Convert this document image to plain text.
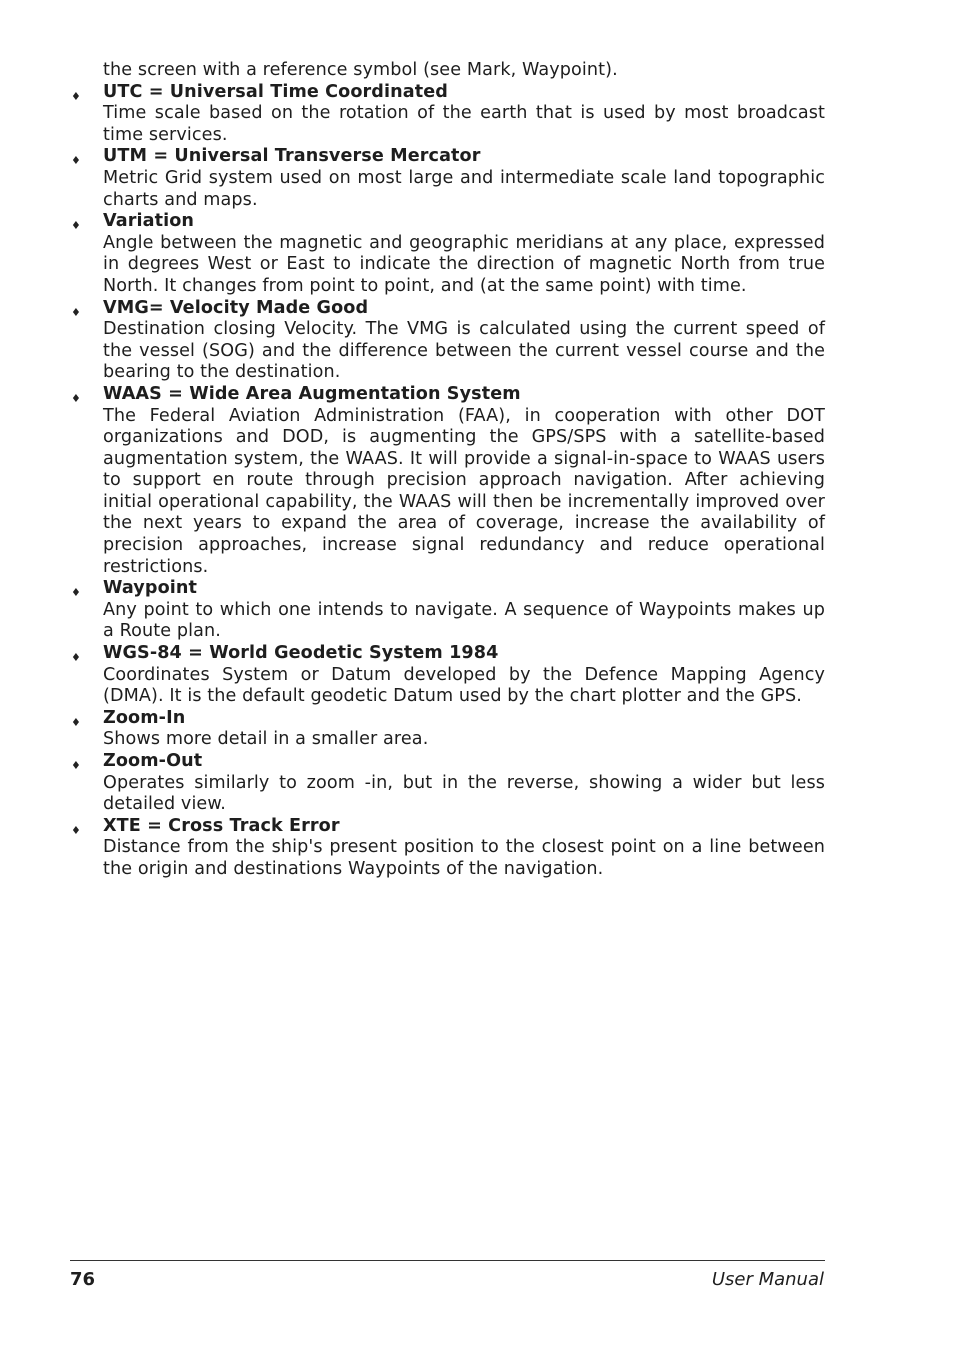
the screen with a reference symbol (see Mark, Waypoint).

♦ UTC = Universal Time Coordinated

Time scale based on the rotation of the earth that is used by most broadcast time services.

♦ UTM = Universal Transverse Mercator

Metric Grid system used on most large and intermediate scale land topographic charts and maps.

♦ Variation

Angle between the magnetic and geographic meridians at any place, expressed in degrees West or East to indicate the direction of magnetic North from true North. It changes from point to point, and (at the same point) with time.

♦ VMG= Velocity Made Good

Destination closing Velocity. The VMG is calculated using the current speed of the vessel (SOG) and the difference between the current vessel course and the bearing to the destination.

♦ WAAS = Wide Area Augmentation System

The Federal Aviation Administration (FAA), in cooperation with other DOT organizations and DOD, is augmenting the GPS/SPS with a satellite-based augmentation system, the WAAS. It will provide a signal-in-space to WAAS users to support en route through precision approach navigation. After achieving initial operational capability, the WAAS will then be incrementally improved over the next years to expand the area of coverage, increase the availability of precision approaches, increase signal redundancy and reduce operational restrictions.

♦ Waypoint

Any point to which one intends to navigate. A sequence of Waypoints makes up a Route plan.

♦ WGS-84 = World Geodetic System 1984

Coordinates System or Datum developed by the Defence Mapping Agency (DMA). It is the default geodetic Datum used by the chart plotter and the GPS.

♦ Zoom-In

Shows more detail in a smaller area.

♦ Zoom-Out

Operates similarly to zoom -in, but in the reverse, showing a wider but less detailed view.

♦ XTE = Cross Track Error

Distance from the ship's present position to the closest point on a line between the origin and destinations Waypoints of the navigation.

76	User Manual
